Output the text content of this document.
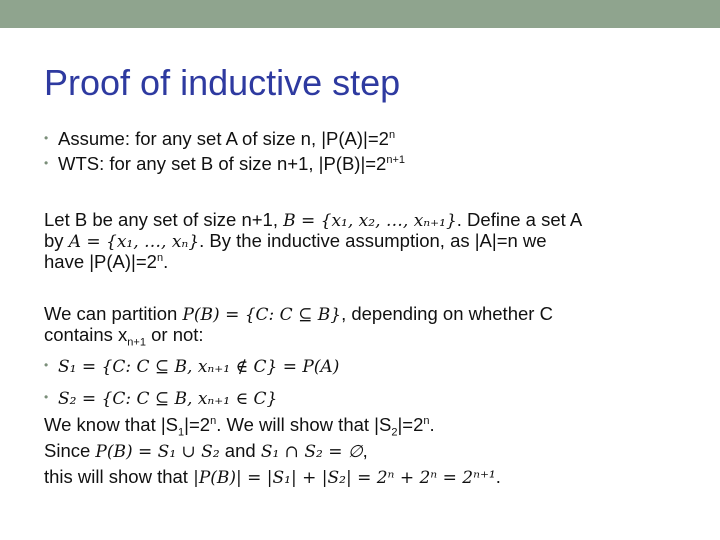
Proof of inductive step
• Assume: for any set A of size n, $|P(A)|=2^n$
• WTS: for any set B of size n+1, $|P(B)|=2^{n+1}$
Let B be any set of size n+1, B = {x₁, x₂, …, xₙ₊₁}. Define a set A
by A = {x₁, …, xₙ}. By the inductive assumption, as |A|=n we
have $|P(A)|=2^n$.
We can partition P(B) = {C: C ⊆ B}, depending on whether C
contains $x_{n+1}$ or not:
• S₁ = {C: C ⊆ B, xₙ₊₁ ∉ C} = P(A)
• S₂ = {C: C ⊆ B, xₙ₊₁ ∈ C}
We know that $|S_1|=2^n$. We will show that $|S_2|=2^n$.
Since P(B) = S₁ ∪ S₂ and S₁ ∩ S₂ = ∅,
this will show that |P(B)| = |S₁| + |S₂| = 2ⁿ + 2ⁿ = 2ⁿ⁺¹.
